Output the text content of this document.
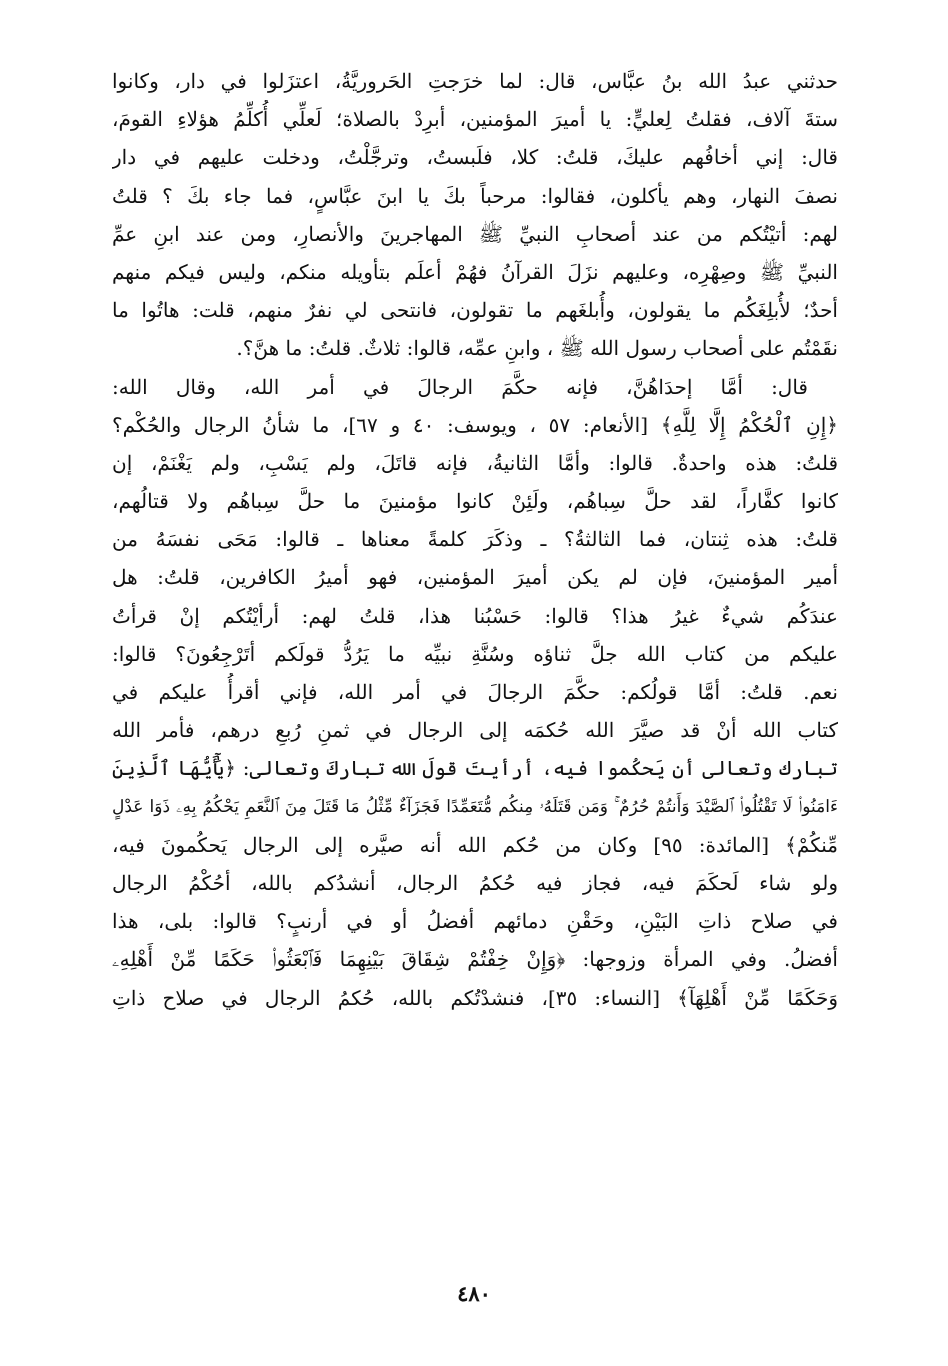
حدثني عبدُ الله بنُ عبَّاس، قال: لما خرَجتِ الحَروريَّةُ، اعتزَلوا في دار، وكانوا
ستةَ آلاف، فقلتُ لِعليٍّ: يا أميرَ المؤمنين، أبرِدْ بالصلاة؛ لَعلِّي أُكلِّمُ هؤلاءِ القومَ،
قال: إني أخافُهم عليكَ، قلتُ: كلا، فلَبستُ، وترجَّلْتُ، ودخلت عليهم في دار
نصفَ النهار، وهم يأكلون، فقالوا: مرحباً بكَ يا ابنَ عبَّاسٍ، فما جاء بكَ ؟ قلتُ
لهم: أتيْتُكم من عند أصحابِ النبيِّ ﷺ المهاجرينَ والأنصارِ، ومن عند ابنِ عمِّ
النبيِّ ﷺ وصِهْرِه، وعليهم نزَلَ القرآنُ فهُمْ أعلَم بتأويله منكم، وليس فيكم منهم
أحدٌ؛ لأُبلِغَكُم ما يقولون، وأُبلغَهم ما تقولون، فانتحى لي نفرٌ منهم، قلت: هاتُوا ما
نقَمْتُم على أصحاب رسول الله ﷺ ، وابنِ عمِّه، قالوا: ثلاثٌ. قلتُ: ما هنَّ؟.
قال: أمَّا إحدَاهُنَّ، فإنه حكَّمَ الرجالَ في أمر الله، وقال الله:
﴿إِنِ ٱلْحُكْمُ إِلَّا لِلَّهِ﴾ [الأنعام: ٥٧ ، ويوسف: ٤٠ و ٦٧]، ما شأنُ الرجال والحُكْم؟
قلتُ: هذه واحدةٌ. قالوا: وأمَّا الثانيةُ، فإنه قاتَلَ، ولم يَسْبِ، ولم يَغْنَمْ، إن
كانوا كفَّاراً، لقد حلَّ سِباهُم، ولَئِنْ كانوا مؤمنينَ ما حلَّ سِباهُم ولا قتالُهم،
قلتُ: هذه ثِنتان، فما الثالثةُ؟ ـ وذكَرَ كلمةً معناها ـ قالوا: مَحَى نفسَهُ من
أمير المؤمنينَ، فإن لم يكن أميرَ المؤمنين، فهو أميرُ الكافرين، قلتُ: هل
عندَكُم شيءٌ غيرُ هذا؟ قالوا: حَسْبُنا هذا، قلتُ لهم: أرأيْتُكم إنْ قرأتُ
عليكم من كتاب الله جلَّ ثناؤه وسُنَّةِ نبيِّه ما يَرُدُّ قولَكم أتَرْجِعُونَ؟ قالوا:
نعم. قلتُ: أمَّا قولُكم: حكَّمَ الرجالَ في أمر الله، فإني أقرأُ عليكم في
كتاب الله أنْ قد صيَّرَ الله حُكمَه إلى الرجال في ثمنِ رُبعِ درهم، فأمر الله
تبارك وتعالى أن يَحكُموا فيه، أرأيتَ قولَ الله تباركَ وتعالى: ﴿يَٰٓأَيُّهَا ٱلَّذِينَ
ءَامَنُوا۟ لَا تَقْتُلُوا۟ ٱلصَّيْدَ وَأَنتُمْ حُرُمٌ ۚ وَمَن قَتَلَهُۥ مِنكُم مُّتَعَمِّدًا فَجَزَآءٌ مِّثْلُ مَا قَتَلَ مِنَ ٱلنَّعَمِ يَحْكُمُ بِهِۦ ذَوَا عَدْلٍ
مِّنكُمْ﴾ [المائدة: ٩٥] وكان من حُكم الله أنه صيَّره إلى الرجال يَحكُمونَ فيه،
ولو شاء لَحكَمَ فيه، فجاز فيه حُكمُ الرجال، أنشدُكم بالله، أحُكْمُ الرجال
في صلاح ذاتِ البَيْنِ، وحَقْنِ دمائهم أفضلُ أو في أرنبٍ؟ قالوا: بلى، هذا
أفضلُ. وفي المرأة وزوجها: ﴿وَإِنْ خِفْتُمْ شِقَاقَ بَيْنِهِمَا فَٱبْعَثُوا۟ حَكَمًا مِّنْ أَهْلِهِۦ
وَحَكَمًا مِّنْ أَهْلِهَآ﴾ [النساء: ٣٥]، فنشدْتُكم بالله، حُكمُ الرجال في صلاح ذاتِ
٤٨٠
